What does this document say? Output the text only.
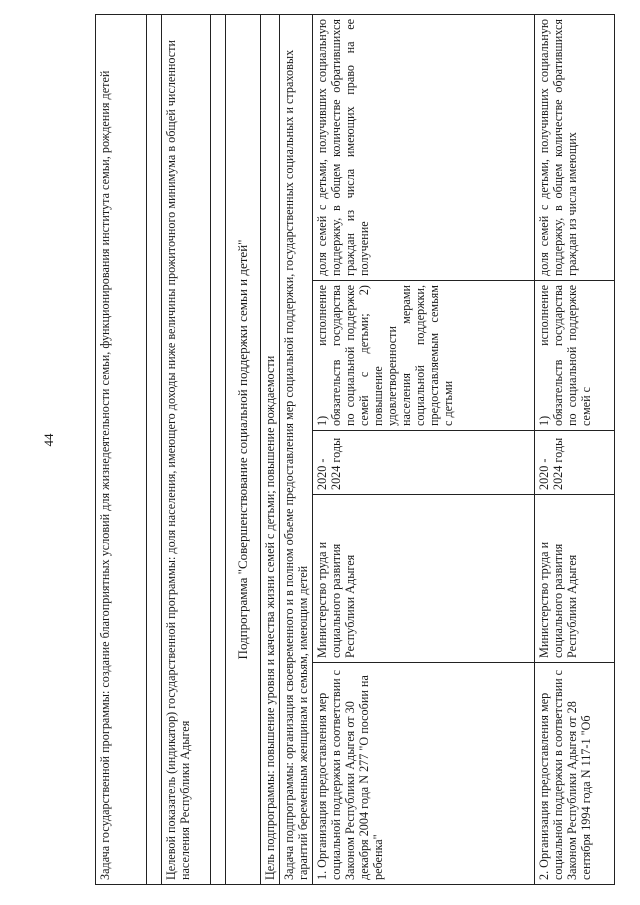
44	Задача государственной программы: создание благоприятных условий для жизнедеятельности семьи, функционирования института семьи, рождения детей				

Целевой показатель (индикатор) государственной программы: доля населения, имеющего доходы ниже величины прожиточного минимума в общей численности населения Республики Адыгея				

Подпрограмма "Совершенствование социальной поддержки семьи и детей"				
Цель подпрограммы: повышение уровня и качества жизни семей с детьми; повышение рождаемости				
Задача подпрограммы: организация своевременного и в полном объеме предоставления мер социальной поддержки, государственных социальных и страховых гарантий беременным женщинам и семьям, имеющим детей				
1. Организация предоставления мер социальной поддержки в соответствии с Законом Республики Адыгея от 30 декабря 2004 года N 277 "О пособии на ребенка"	Министерство труда и социального развития Республики Адыгея	2020 - 2024 годы	1) исполнение обязательств государства по социальной поддержке семей с детьми; 2) повышение удовлетворенности населения мерами социальной поддержки, предоставляемым семьям с детьми	доля семей с детьми, получивших социальную поддержку, в общем количестве обратившихся граждан из числа имеющих право на ее получение
2. Организация предоставления мер социальной поддержки в соответствии с Законом Республики Адыгея от 28 сентября 1994 года N 117-1 "Об	Министерство труда и социального развития Республики Адыгея	2020 - 2024 годы	1) исполнение обязательств государства по социальной поддержке семей с	доля семей с детьми, получивших социальную поддержку, в общем количестве обратившихся граждан из числа имеющих
